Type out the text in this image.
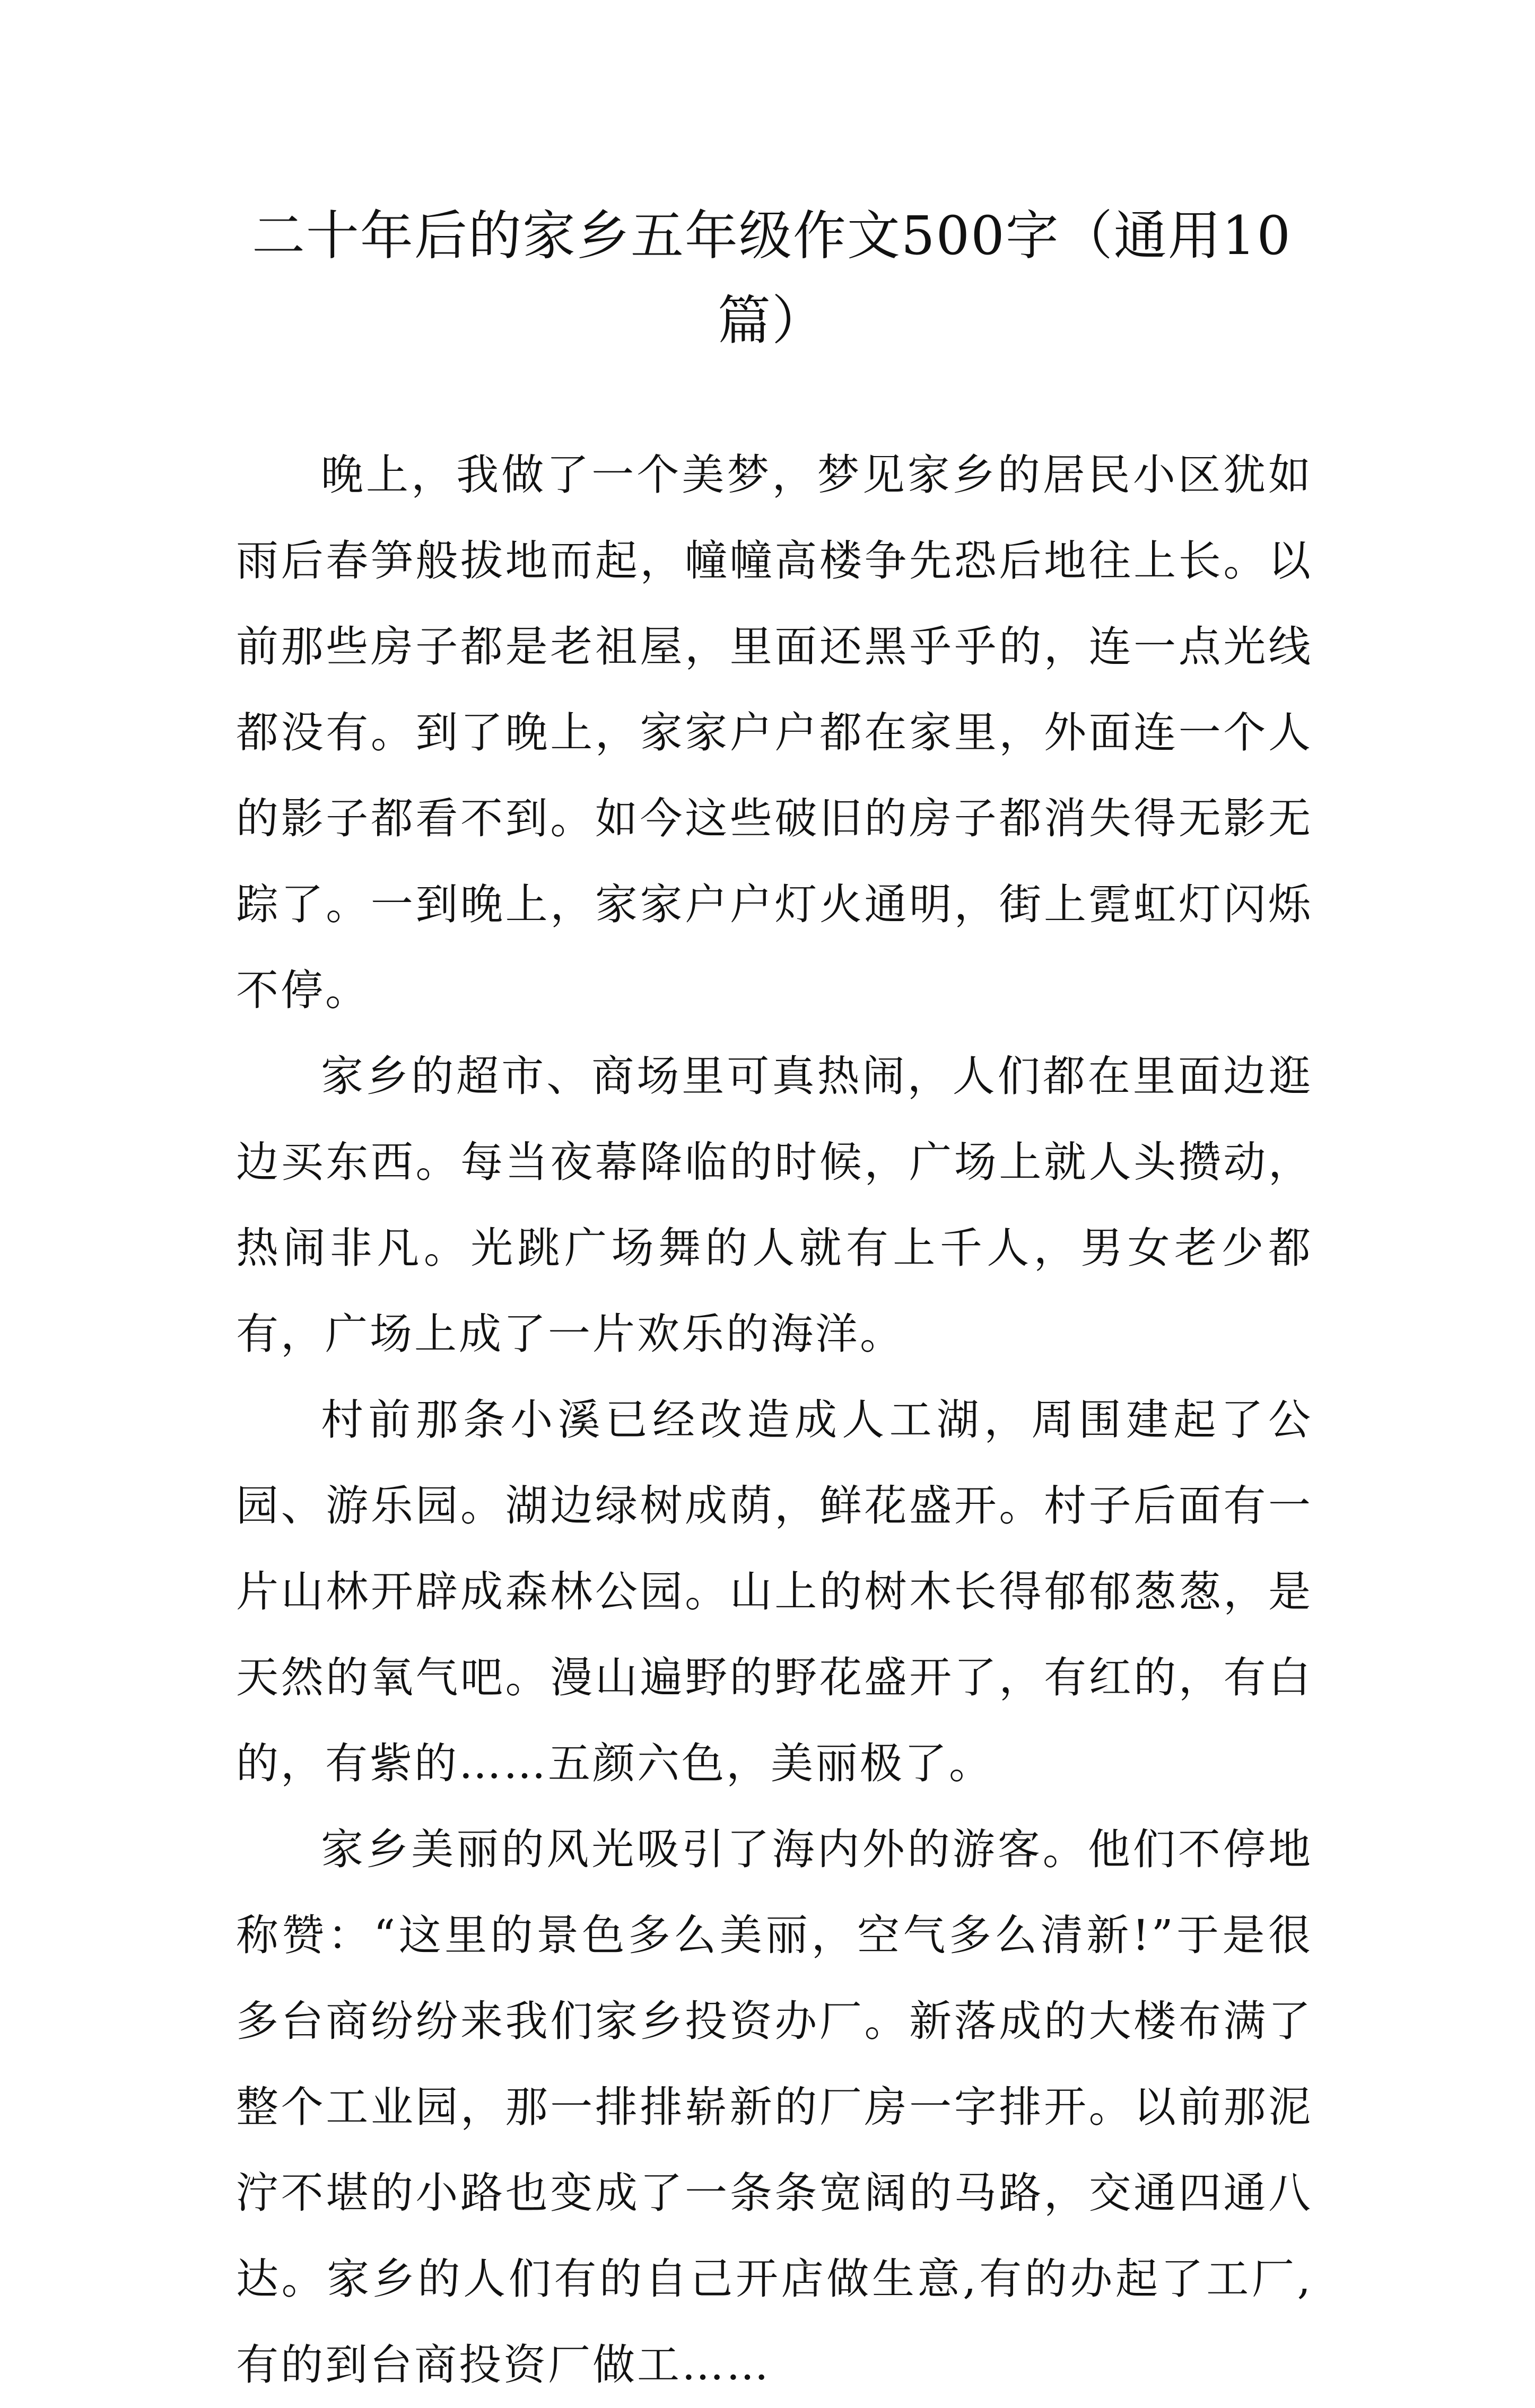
二十年后的家乡五年级作文500字（通用10篇）

晚上，我做了一个美梦，梦见家乡的居民小区犹如雨后春笋般拔地而起，幢幢高楼争先恐后地往上长。以前那些房子都是老祖屋，里面还黑乎乎的，连一点光线都没有。到了晚上，家家户户都在家里，外面连一个人的影子都看不到。如今这些破旧的房子都消失得无影无踪了。一到晚上，家家户户灯火通明，街上霓虹灯闪烁不停。

家乡的超市、商场里可真热闹，人们都在里面边逛边买东西。每当夜幕降临的时候，广场上就人头攒动，热闹非凡。光跳广场舞的人就有上千人，男女老少都有，广场上成了一片欢乐的海洋。

村前那条小溪已经改造成人工湖，周围建起了公园、游乐园。湖边绿树成荫，鲜花盛开。村子后面有一片山林开辟成森林公园。山上的树木长得郁郁葱葱，是天然的氧气吧。漫山遍野的野花盛开了，有红的，有白的，有紫的……五颜六色，美丽极了。

家乡美丽的风光吸引了海内外的游客。他们不停地称赞：“这里的景色多么美丽，空气多么清新!”于是很多台商纷纷来我们家乡投资办厂。新落成的大楼布满了整个工业园，那一排排崭新的厂房一字排开。以前那泥泞不堪的小路也变成了一条条宽阔的马路，交通四通八达。家乡的人们有的自己开店做生意,有的办起了工厂,有的到台商投资厂做工……
